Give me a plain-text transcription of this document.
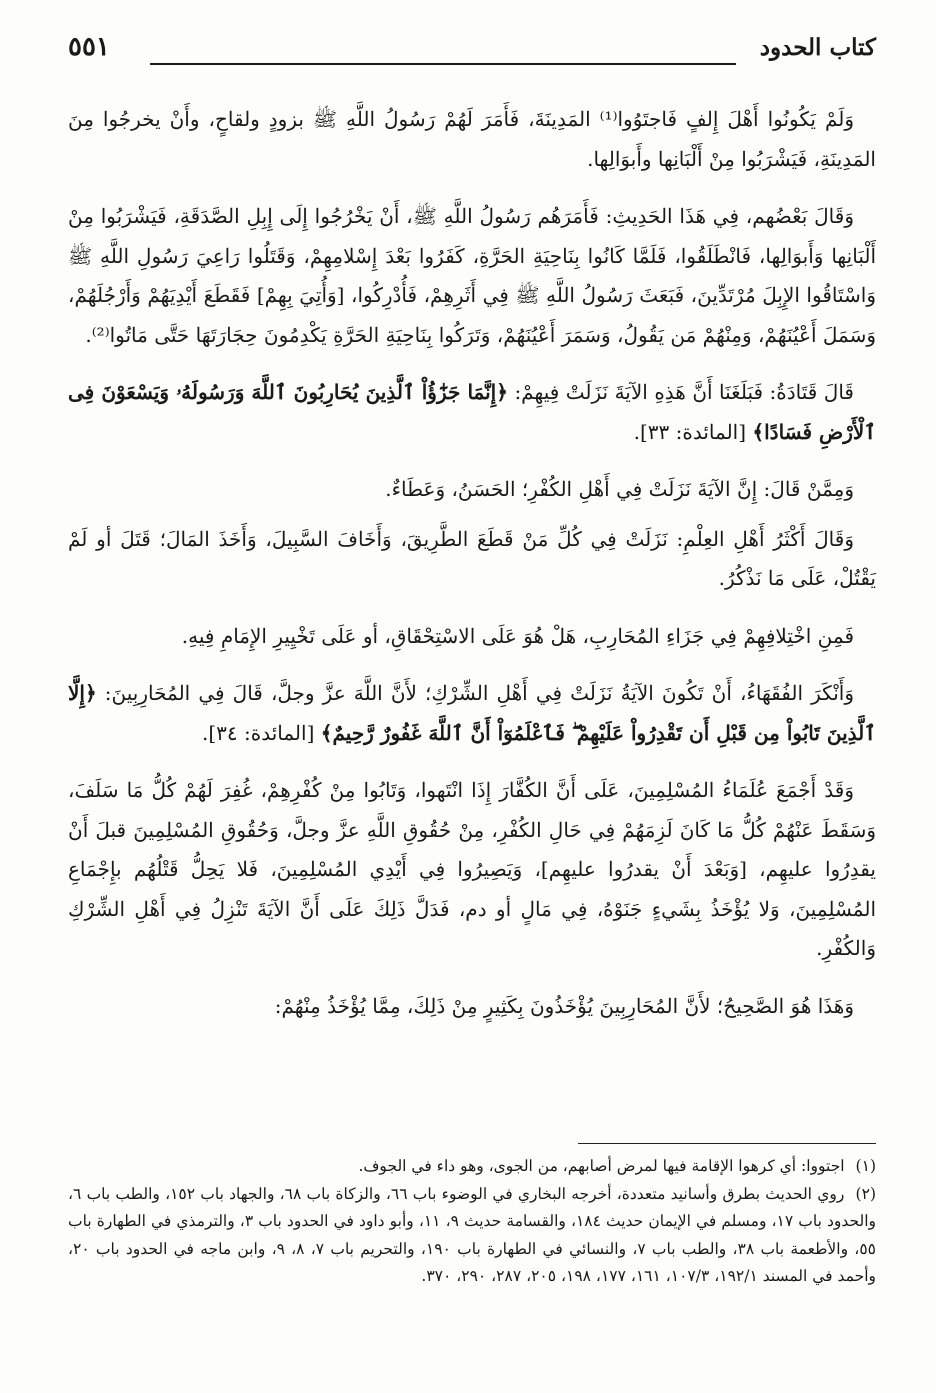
كتاب الحدود
٥٥١

وَلَمْ يَكُونُوا أَهْلَ إِلفٍ فَاجتَوُوا⁽¹⁾ المَدِينَةَ، فَأَمَرَ لَهُمْ رَسُولُ اللَّهِ ﷺ بزودٍ ولقاحٍ، وأَنْ يخرجُوا مِنَ المَدِينَةِ، فَيَشْرَبُوا مِنْ أَلْبَانِها وأَبوَالِها.

وَقَالَ بَعْضُهم، فِي هَذَا الحَدِيثِ: فَأَمَرَهُم رَسُولُ اللَّهِ ﷺ، أَنْ يَخْرُجُوا إِلَى إِبِلِ الصَّدَقَةِ، فَيَشْرَبُوا مِنْ أَلْبَانِها وَأَبوَالِها، فَانْطَلَقُوا، فَلَمَّا كَانُوا بِنَاحِيَةِ الحَرَّةِ، كَفَرُوا بَعْدَ إِسْلامِهِمْ، وَقَتَلُوا رَاعِيَ رَسُولِ اللَّهِ ﷺ وَاسْتَاقُوا الإِبِلَ مُرْتَدِّينَ، فَبَعَثَ رَسُولُ اللَّهِ ﷺ فِي أَثَرِهِمْ، فَأُدْرِكُوا، [وَأُتِيَ بِهِمْ] فَقَطَعَ أَيْدِيَهُمْ وَأَرْجُلَهُمْ، وَسَمَلَ أَعْيُنَهُمْ، وَمِنْهُمْ مَن يَقُولُ، وَسَمَرَ أَعْيُنَهُمْ، وَتَرَكُوا بِنَاحِيَةِ الحَرَّةِ يَكْدِمُونَ حِجَارَتَهَا حَتَّى مَاتُوا⁽²⁾.

قَالَ قَتَادَةُ: فَبَلَغَنَا أَنَّ هَذِهِ الآيَةَ نَزَلَتْ فِيهِمْ: ﴿إِنَّمَا جَزَٰٓؤُاْ ٱلَّذِينَ يُحَارِبُونَ ٱللَّهَ وَرَسُولَهُۥ وَيَسْعَوْنَ فِى ٱلْأَرْضِ فَسَادًا﴾ [المائدة: ٣٣].

وَمِمَّنْ قَالَ: إِنَّ الآيَةَ نَزَلَتْ فِي أَهْلِ الكُفْرِ؛ الحَسَنُ، وَعَطَاءٌ.

وَقَالَ أَكْثَرُ أَهْلِ العِلْمِ: نَزَلَتْ فِي كُلِّ مَنْ قَطَعَ الطَّرِيقَ، وَأَخَافَ السَّبِيلَ، وَأَخَذَ المَالَ؛ قَتَلَ أو لَمْ يَقْتُلْ، عَلَى مَا نَذْكُرُ.

فَمِنِ اخْتِلافِهِمْ فِي جَزَاءِ المُحَارِبِ، هَلْ هُوَ عَلَى الاسْتِحْقَاقِ، أو عَلَى تَخْيِيرِ الإِمَامِ فِيهِ.

وَأَنْكَرَ الفُقَهَاءُ، أَنْ تَكُونَ الآيَةُ نَزَلَتْ فِي أَهْلِ الشِّرْكِ؛ لأَنَّ اللَّهَ عزَّ وجلَّ، قَالَ فِي المُحَارِبِينَ: ﴿إِلَّا ٱلَّذِينَ تَابُواْ مِن قَبْلِ أَن تَقْدِرُواْ عَلَيْهِمْ ۖ فَٱعْلَمُوٓاْ أَنَّ ٱللَّهَ غَفُورٌ رَّحِيمٌ﴾ [المائدة: ٣٤].

وَقَدْ أَجْمَعَ عُلَمَاءُ المُسْلِمِينَ، عَلَى أَنَّ الكُفَّارَ إِذَا انْتَهوا، وَتَابُوا مِنْ كُفْرِهِمْ، غُفِرَ لَهُمْ كُلُّ مَا سَلَفَ، وَسَقَطَ عَنْهُمْ كُلُّ مَا كَانَ لَزِمَهُمْ فِي حَالِ الكُفْرِ، مِنْ حُقُوقِ اللَّهِ عزَّ وجلَّ، وَحُقُوقِ المُسْلِمِينَ قبلَ أَنْ يقدِرُوا عليهِم، [وَبَعْدَ أَنْ يقدرُوا عليهِم]، وَيَصِيرُوا فِي أَيْدِي المُسْلِمِينَ، فَلا يَحِلُّ قَتْلُهُم بإِجْمَاعِ المُسْلِمِينَ، وَلا يُؤْخَذُ بِشَيءٍ جَنَوْهُ، فِي مَالٍ أو دم، فَدَلَّ ذَلِكَ عَلَى أَنَّ الآيَةَ تَنْزِلُ فِي أَهْلِ الشِّرْكِ وَالكُفْرِ.

وَهَذَا هُوَ الصَّحِيحُ؛ لأَنَّ المُحَارِبِينَ يُؤْخَذُونَ بِكَثِيرٍ مِنْ ذَلِكَ، مِمَّا يُؤْخَذُ مِنْهُمْ:

(١) اجتووا: أي كرهوا الإقامة فيها لمرض أصابهم، من الجوى، وهو داء في الجوف.

(٢) روي الحديث بطرق وأسانيد متعددة، أخرجه البخاري في الوضوء باب ٦٦، والزكاة باب ٦٨، والجهاد باب ١٥٢، والطب باب ٦، والحدود باب ١٧، ومسلم في الإيمان حديث ١٨٤، والقسامة حديث ٩، ١١، وأبو داود في الحدود باب ٣، والترمذي في الطهارة باب ٥٥، والأطعمة باب ٣٨، والطب باب ٧، والنسائي في الطهارة باب ١٩٠، والتحريم باب ٧، ٨، ٩، وابن ماجه في الحدود باب ٢٠، وأحمد في المسند ١٩٢/١، ١٠٧/٣، ١٦١، ١٧٧، ١٩٨، ٢٠٥، ٢٨٧، ٢٩٠، ٣٧٠.
